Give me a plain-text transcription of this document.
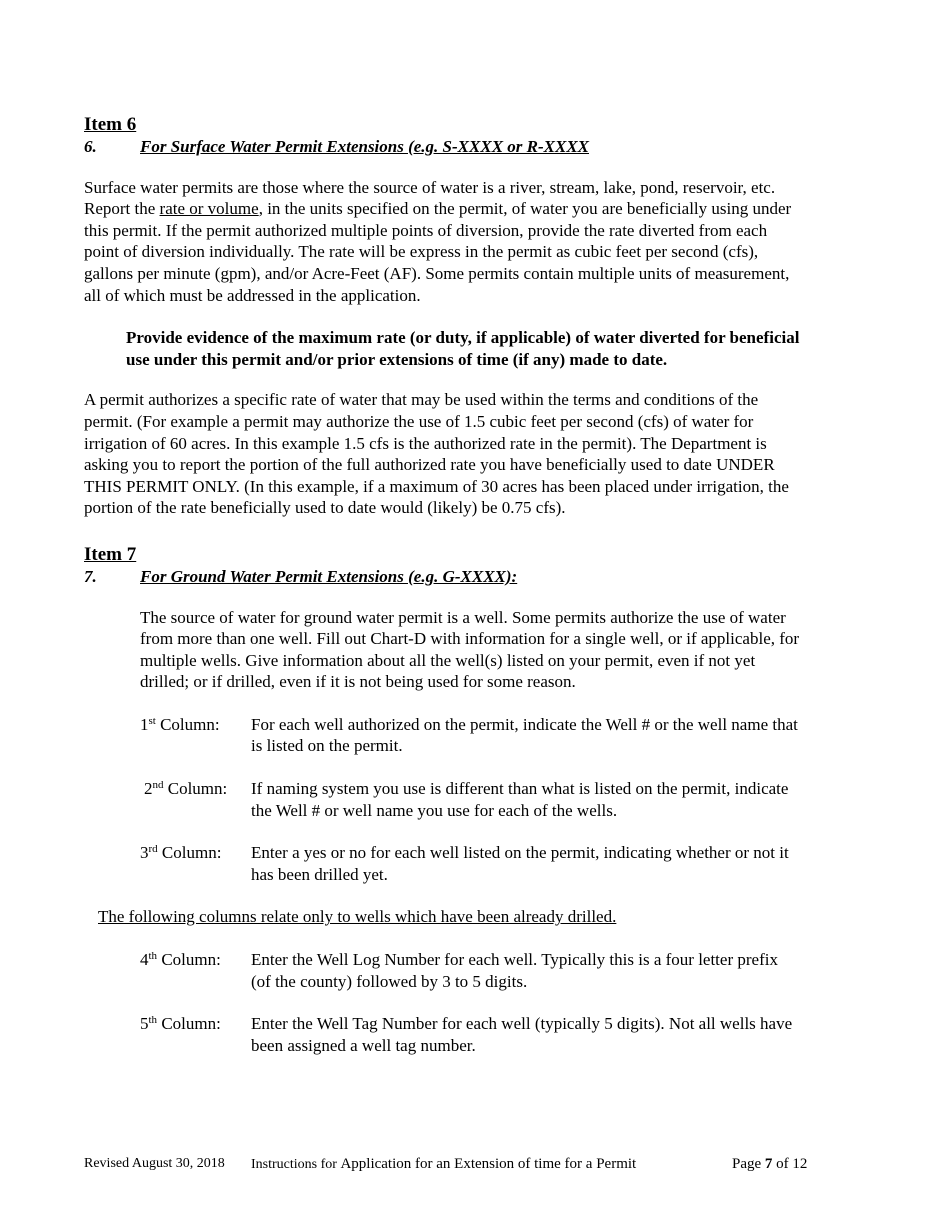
Item 6
6.	For Surface Water Permit Extensions (e.g. S-XXXX or R-XXXX

Surface water permits are those where the source of water is a river, stream, lake, pond, reservoir, etc. Report the rate or volume, in the units specified on the permit, of water you are beneficially using under this permit. If the permit authorized multiple points of diversion, provide the rate diverted from each point of diversion individually. The rate will be express in the permit as cubic feet per second (cfs), gallons per minute (gpm), and/or Acre-Feet (AF). Some permits contain multiple units of measurement, all of which must be addressed in the application.

Provide evidence of the maximum rate (or duty, if applicable) of water diverted for beneficial use under this permit and/or prior extensions of time (if any) made to date.

A permit authorizes a specific rate of water that may be used within the terms and conditions of the permit. (For example a permit may authorize the use of 1.5 cubic feet per second (cfs) of water for irrigation of 60 acres. In this example 1.5 cfs is the authorized rate in the permit). The Department is asking you to report the portion of the full authorized rate you have beneficially used to date UNDER THIS PERMIT ONLY. (In this example, if a maximum of 30 acres has been placed under irrigation, the portion of the rate beneficially used to date would (likely) be 0.75 cfs).

Item 7
7.	For Ground Water Permit Extensions (e.g. G-XXXX):

The source of water for ground water permit is a well. Some permits authorize the use of water from more than one well. Fill out Chart-D with information for a single well, or if applicable, for multiple wells. Give information about all the well(s) listed on your permit, even if not yet drilled; or if drilled, even if it is not being used for some reason.

1st Column:	For each well authorized on the permit, indicate the Well # or the well name that is listed on the permit.
2nd Column:	If naming system you use is different than what is listed on the permit, indicate the Well # or well name you use for each of the wells.
3rd Column:	Enter a yes or no for each well listed on the permit, indicating whether or not it has been drilled yet.

The following columns relate only to wells which have been already drilled.

4th Column:	Enter the Well Log Number for each well. Typically this is a four letter prefix (of the county) followed by 3 to 5 digits.
5th Column:	Enter the Well Tag Number for each well (typically 5 digits). Not all wells have been assigned a well tag number.
Revised August 30, 2018	Instructions for Application for an Extension of time for a Permit	Page 7 of 12
